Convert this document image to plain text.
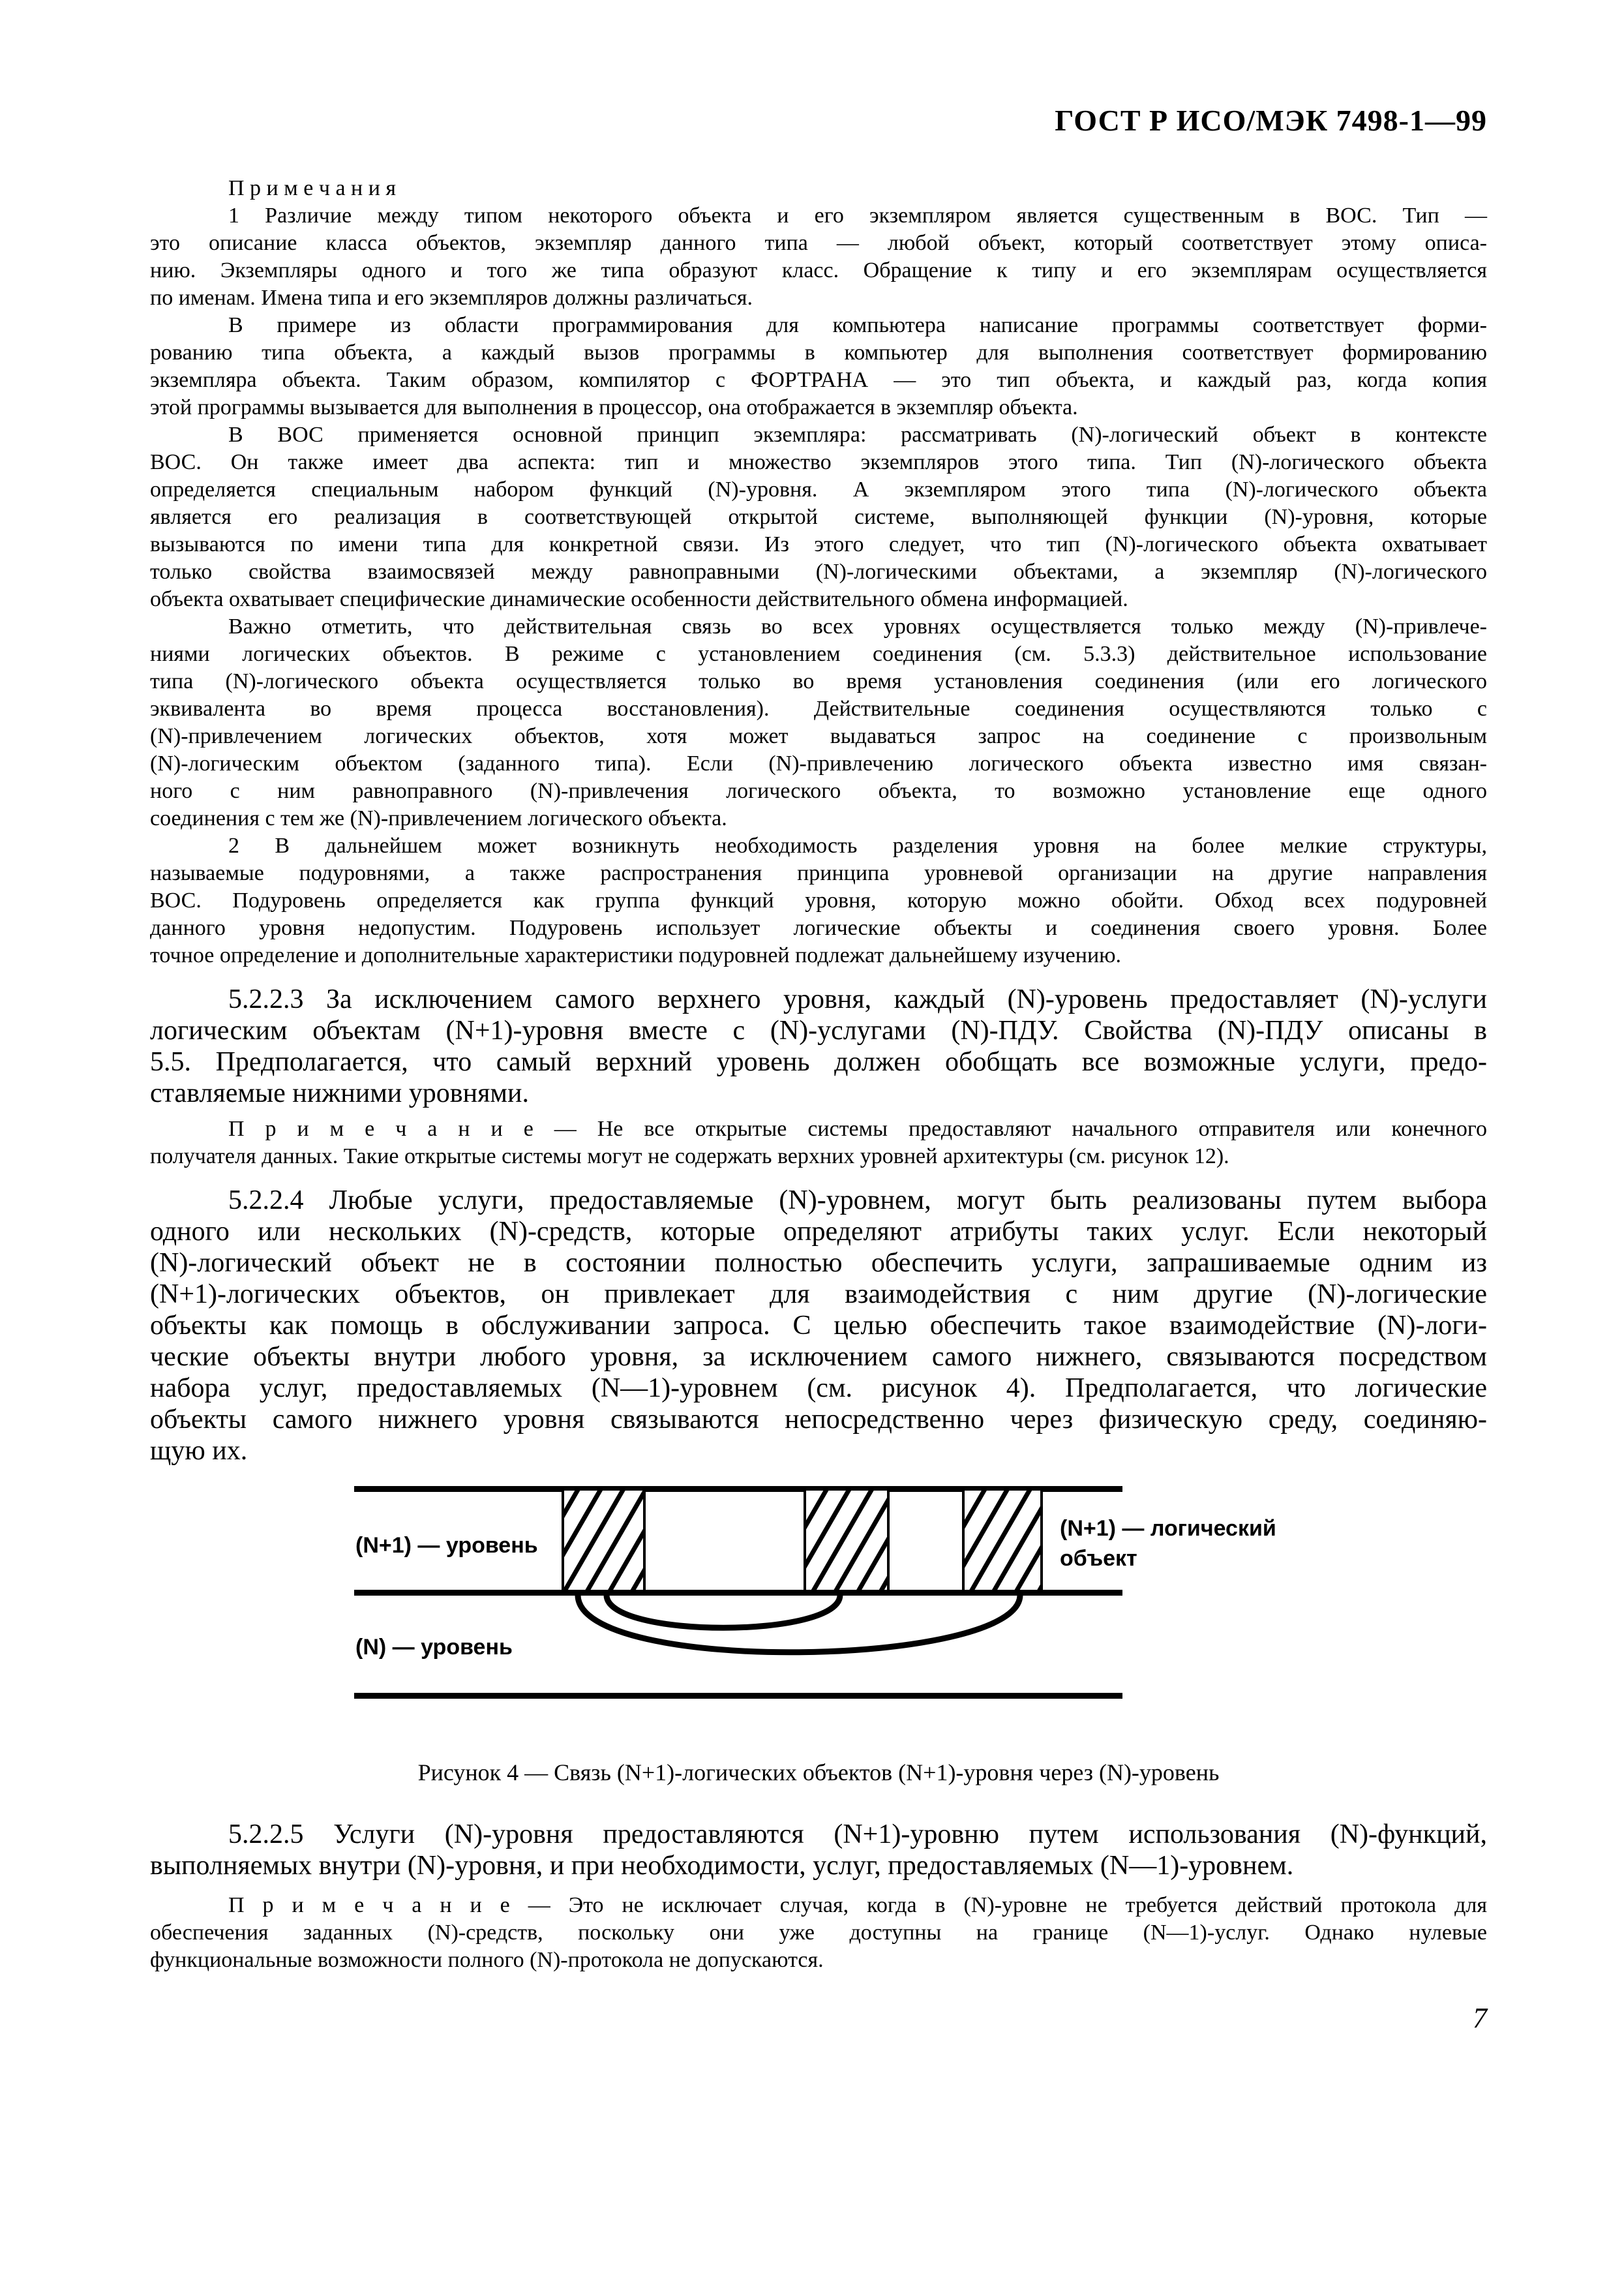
ГОСТ Р ИСО/МЭК 7498-1—99
П р и м е ч а н и я
1 Различие между типом некоторого объекта и его экземпляром является существенным в ВОС. Тип —
это описание класса объектов, экземпляр данного типа — любой объект, который соответствует этому описа-
нию. Экземпляры одного и того же типа образуют класс. Обращение к типу и его экземплярам осуществляется
по именам. Имена типа и его экземпляров должны различаться.
В примере из области программирования для компьютера написание программы соответствует форми-
рованию типа объекта, а каждый вызов программы в компьютер для выполнения соответствует формированию
экземпляра объекта. Таким образом, компилятор с ФОРТРАНА — это тип объекта, и каждый раз, когда копия
этой программы вызывается для выполнения в процессор, она отображается в экземпляр объекта.
В ВОС применяется основной принцип экземпляра: рассматривать (N)-логический объект в контексте
ВОС. Он также имеет два аспекта: тип и множество экземпляров этого типа. Тип (N)-логического объекта
определяется специальным набором функций (N)-уровня. А экземпляром этого типа (N)-логического объекта
является его реализация в соответствующей открытой системе, выполняющей функции (N)-уровня, которые
вызываются по имени типа для конкретной связи. Из этого следует, что тип (N)-логического объекта охватывает
только свойства взаимосвязей между равноправными (N)-логическими объектами, а экземпляр (N)-логического
объекта охватывает специфические динамические особенности действительного обмена информацией.
Важно отметить, что действительная связь во всех уровнях осуществляется только между (N)-привлече-
ниями логических объектов. В режиме с установлением соединения (см. 5.3.3) действительное использование
типа (N)-логического объекта осуществляется только во время установления соединения (или его логического
эквивалента во время процесса восстановления). Действительные соединения осуществляются только с
(N)-привлечением логических объектов, хотя может выдаваться запрос на соединение с произвольным
(N)-логическим объектом (заданного типа). Если (N)-привлечению логического объекта известно имя связан-
ного с ним равноправного (N)-привлечения логического объекта, то возможно установление еще одного
соединения с тем же (N)-привлечением логического объекта.
2 В дальнейшем может возникнуть необходимость разделения уровня на более мелкие структуры,
называемые подуровнями, а также распространения принципа уровневой организации на другие направления
ВОС. Подуровень определяется как группа функций уровня, которую можно обойти. Обход всех подуровней
данного уровня недопустим. Подуровень использует логические объекты и соединения своего уровня. Более
точное определение и дополнительные характеристики подуровней подлежат дальнейшему изучению.
5.2.2.3 За исключением самого верхнего уровня, каждый (N)-уровень предоставляет (N)-услуги
логическим объектам (N+1)-уровня вместе с (N)-услугами (N)-ПДУ. Свойства (N)-ПДУ описаны в
5.5. Предполагается, что самый верхний уровень должен обобщать все возможные услуги, предо-
ставляемые нижними уровнями.
П р и м е ч а н и е — Не все открытые системы предоставляют начального отправителя или конечного
получателя данных. Такие открытые системы могут не содержать верхних уровней архитектуры (см. рисунок 12).
5.2.2.4 Любые услуги, предоставляемые (N)-уровнем, могут быть реализованы путем выбора
одного или нескольких (N)-средств, которые определяют атрибуты таких услуг. Если некоторый
(N)-логический объект не в состоянии полностью обеспечить услуги, запрашиваемые одним из
(N+1)-логических объектов, он привлекает для взаимодействия с ним другие (N)-логические
объекты как помощь в обслуживании запроса. С целью обеспечить такое взаимодействие (N)-логи-
ческие объекты внутри любого уровня, за исключением самого нижнего, связываются посредством
набора услуг, предоставляемых (N—1)-уровнем (см. рисунок 4). Предполагается, что логические
объекты самого нижнего уровня связываются непосредственно через физическую среду, соединяю-
щую их.
(N+1) — уровень
(N+1) — логический
объект
(N) — уровень
Рисунок 4 — Связь (N+1)-логических объектов (N+1)-уровня через (N)-уровень
5.2.2.5 Услуги (N)-уровня предоставляются (N+1)-уровню путем использования (N)-функций,
выполняемых внутри (N)-уровня, и при необходимости, услуг, предоставляемых (N—1)-уровнем.
П р и м е ч а н и е — Это не исключает случая, когда в (N)-уровне не требуется действий протокола для
обеспечения заданных (N)-средств, поскольку они уже доступны на границе (N—1)-услуг. Однако нулевые
функциональные возможности полного (N)-протокола не допускаются.
7
